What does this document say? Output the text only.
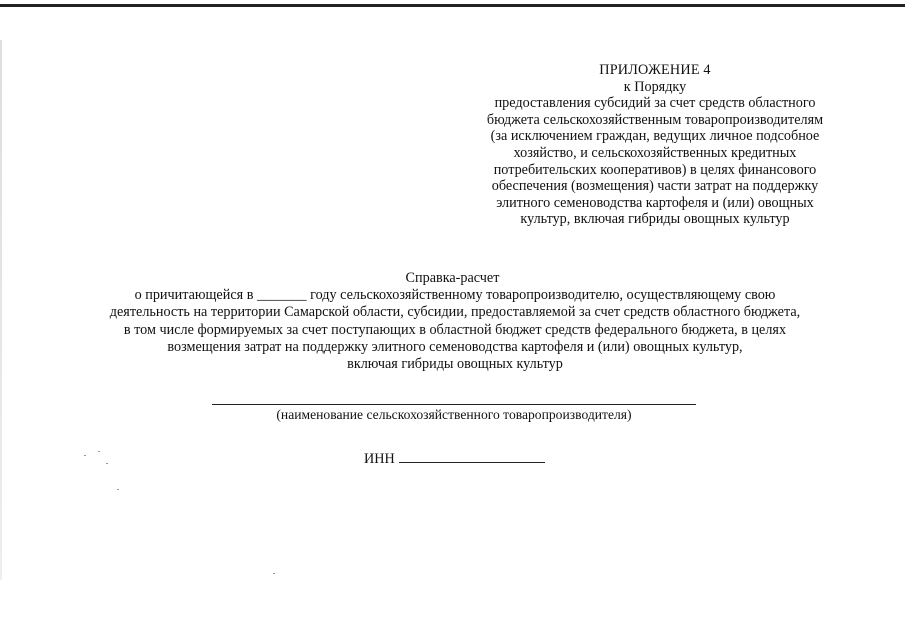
ПРИЛОЖЕНИЕ 4
к Порядку
предоставления субсидий за счет средств областного
бюджета сельскохозяйственным товаропроизводителям
(за исключением граждан, ведущих личное подсобное
хозяйство, и сельскохозяйственных кредитных
потребительских кооперативов) в целях финансового
обеспечения (возмещения) части затрат на поддержку
элитного семеноводства картофеля и (или) овощных
культур, включая гибриды овощных культур
Справка-расчет
о причитающейся в _______ году сельскохозяйственному товаропроизводителю, осуществляющему свою
деятельность на территории Самарской области, субсидии, предоставляемой за счет средств областного бюджета,
в том числе формируемых за счет поступающих в областной бюджет средств федерального бюджета, в целях
возмещения затрат на поддержку элитного семеноводства картофеля и (или) овощных культур,
включая гибриды овощных культур
(наименование сельскохозяйственного товаропроизводителя)
ИНН
